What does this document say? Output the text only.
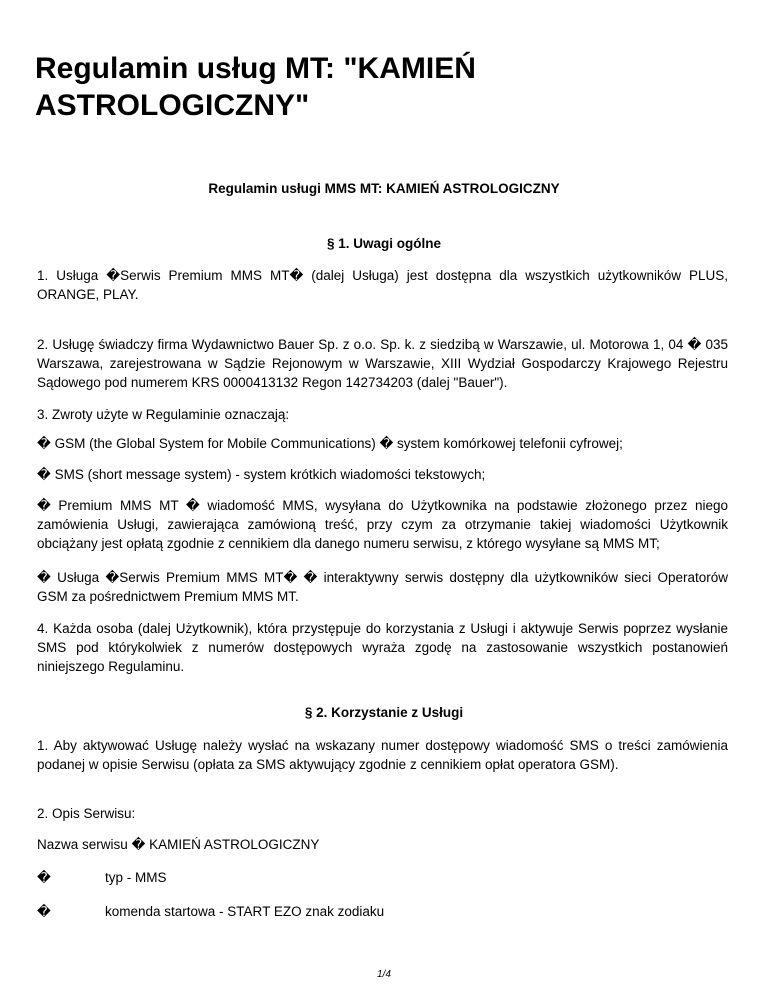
Regulamin usług MT: "KAMIEŃ ASTROLOGICZNY"

Regulamin usługi MMS MT: KAMIEŃ ASTROLOGICZNY

§ 1. Uwagi ogólne

1. Usługa �Serwis Premium MMS MT� (dalej Usługa) jest dostępna dla wszystkich użytkowników PLUS, ORANGE, PLAY.

2. Usługę świadczy firma Wydawnictwo Bauer Sp. z o.o. Sp. k. z siedzibą w Warszawie, ul. Motorowa 1, 04 � 035 Warszawa, zarejestrowana w Sądzie Rejonowym w Warszawie, XIII Wydział Gospodarczy Krajowego Rejestru Sądowego pod numerem KRS 0000413132 Regon 142734203 (dalej "Bauer").

3. Zwroty użyte w Regulaminie oznaczają:

� GSM (the Global System for Mobile Communications) � system komórkowej telefonii cyfrowej;

� SMS (short message system) - system krótkich wiadomości tekstowych;

� Premium MMS MT � wiadomość MMS, wysyłana do Użytkownika na podstawie złożonego przez niego zamówienia Usługi, zawierająca zamówioną treść, przy czym za otrzymanie takiej wiadomości Użytkownik obciążany jest opłatą zgodnie z cennikiem dla danego numeru serwisu, z którego wysyłane są MMS MT;

� Usługa �Serwis Premium MMS MT� � interaktywny serwis dostępny dla użytkowników sieci Operatorów GSM za pośrednictwem Premium MMS MT.

4. Każda osoba (dalej Użytkownik), która przystępuje do korzystania z Usługi i aktywuje Serwis poprzez wysłanie SMS pod którykolwiek z numerów dostępowych wyraża zgodę na zastosowanie wszystkich postanowień niniejszego Regulaminu.

§ 2. Korzystanie z Usługi

1. Aby aktywować Usługę należy wysłać na wskazany numer dostępowy wiadomość SMS o treści zamówienia podanej w opisie Serwisu (opłata za SMS aktywujący zgodnie z cennikiem opłat operatora GSM).

2. Opis Serwisu:

Nazwa serwisu � KAMIEŃ ASTROLOGICZNY

�	typ - MMS
�	komenda startowa - START EZO znak zodiaku

1/4
